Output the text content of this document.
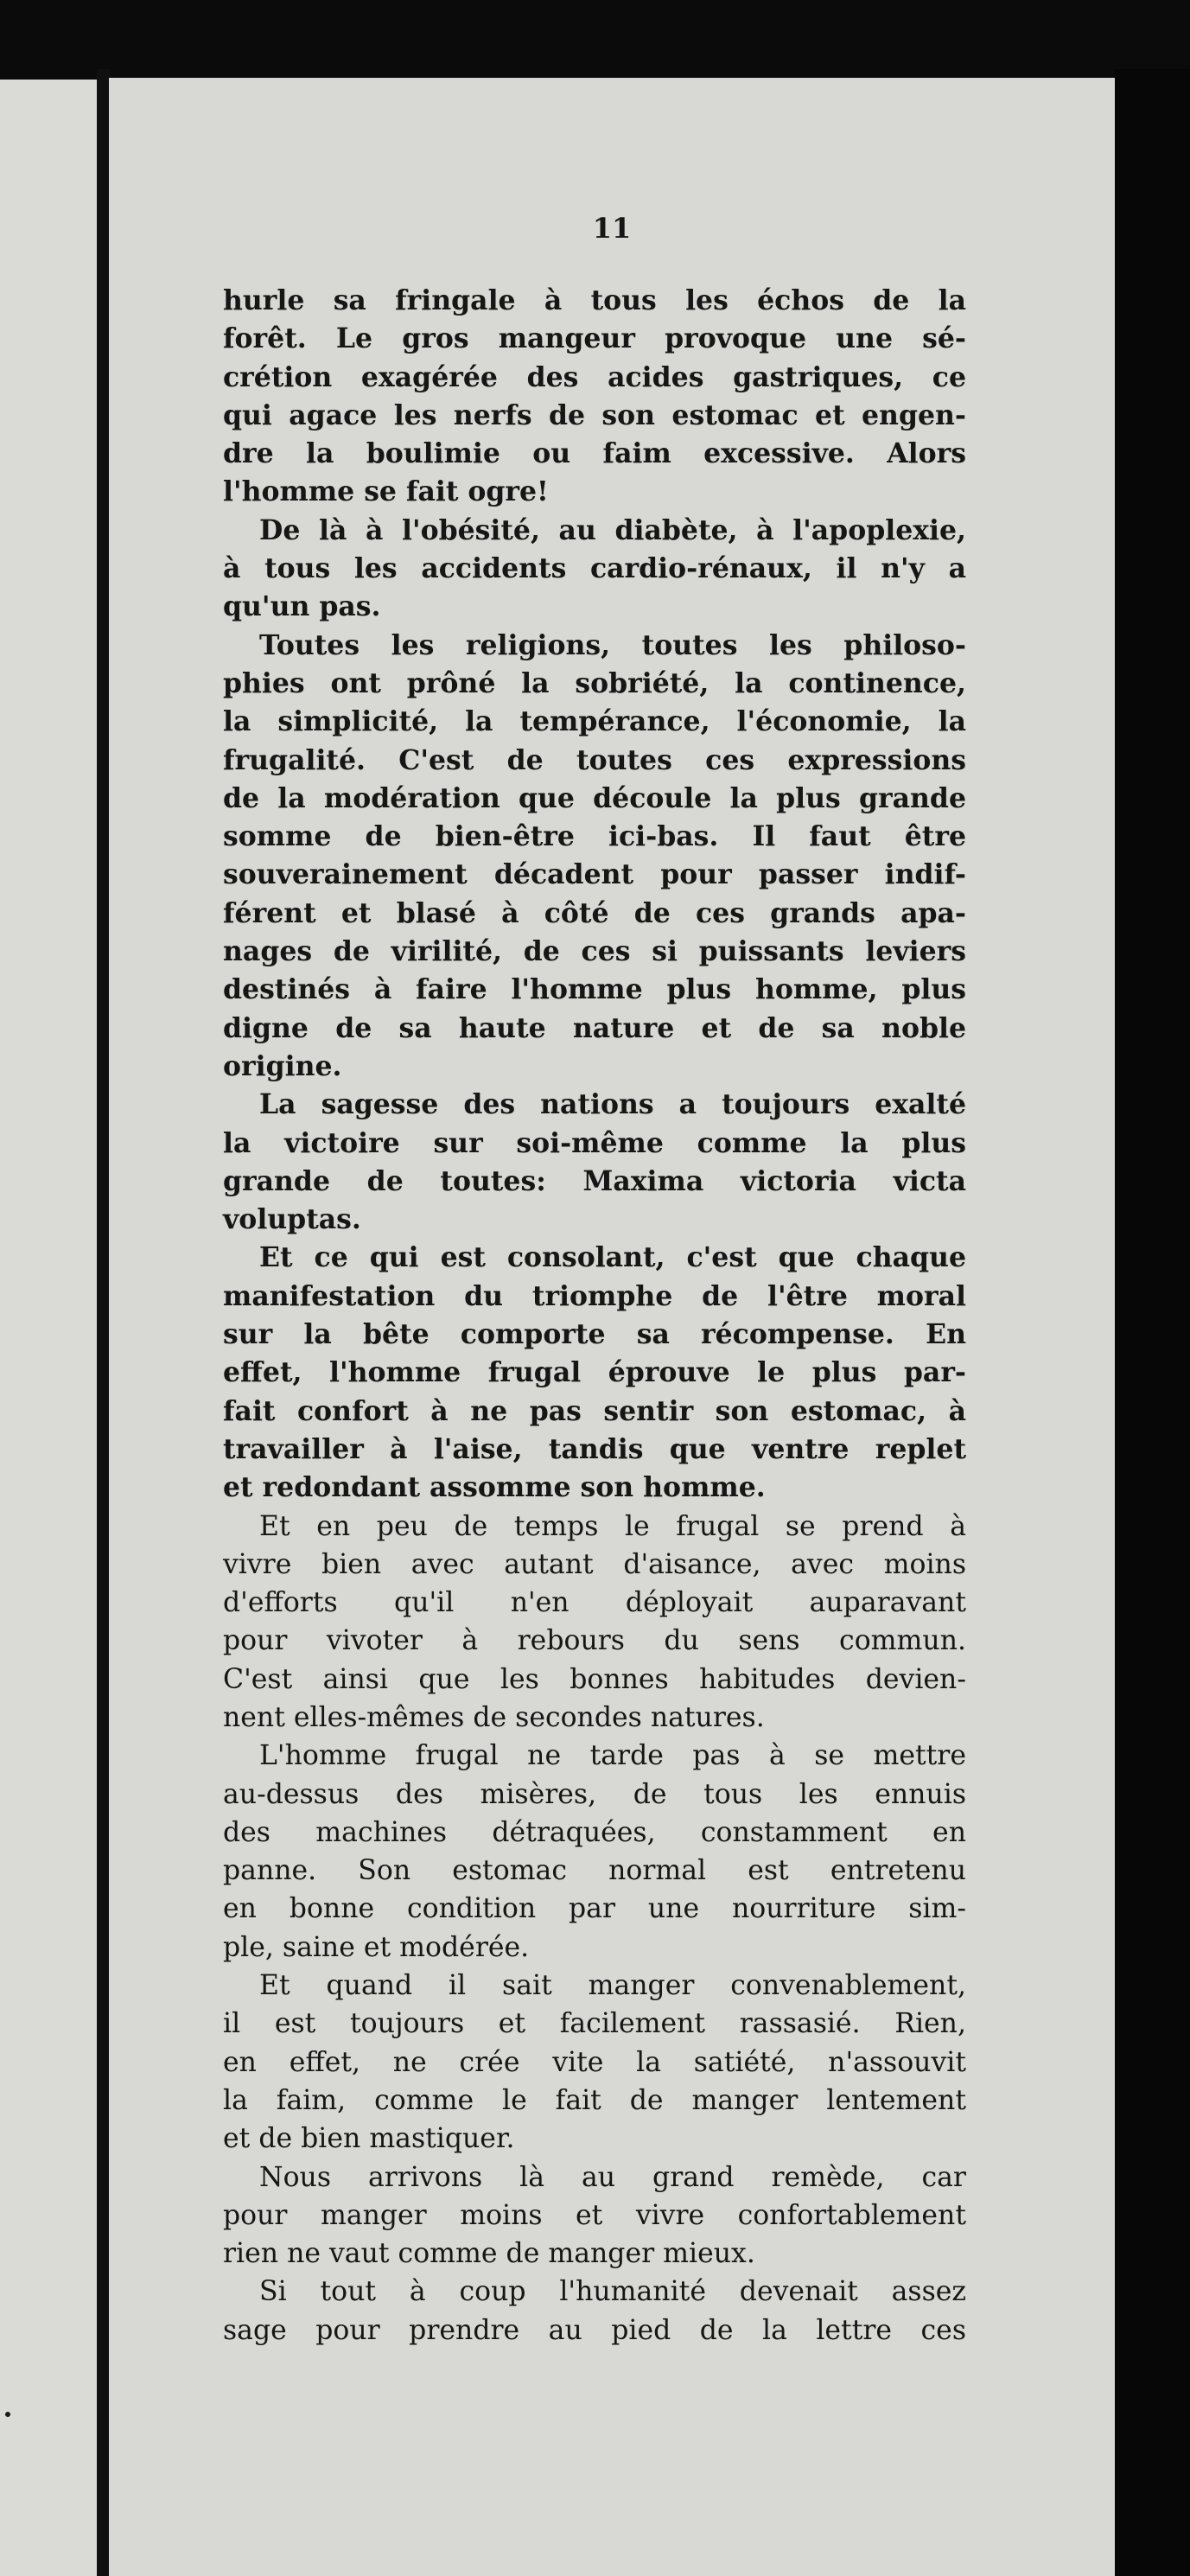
11
hurle sa fringale à tous les échos de la
forêt. Le gros mangeur provoque une sé-
crétion exagérée des acides gastriques, ce
qui agace les nerfs de son estomac et engen-
dre la boulimie ou faim excessive. Alors
l'homme se fait ogre!
De là à l'obésité, au diabète, à l'apoplexie,
à tous les accidents cardio-rénaux, il n'y a
qu'un pas.
Toutes les religions, toutes les philoso-
phies ont prôné la sobriété, la continence,
la simplicité, la tempérance, l'économie, la
frugalité. C'est de toutes ces expressions
de la modération que découle la plus grande
somme de bien-être ici-bas. Il faut être
souverainement décadent pour passer indif-
férent et blasé à côté de ces grands apa-
nages de virilité, de ces si puissants leviers
destinés à faire l'homme plus homme, plus
digne de sa haute nature et de sa noble
origine.
La sagesse des nations a toujours exalté
la victoire sur soi-même comme la plus
grande de toutes: Maxima victoria victa
voluptas.
Et ce qui est consolant, c'est que chaque
manifestation du triomphe de l'être moral
sur la bête comporte sa récompense. En
effet, l'homme frugal éprouve le plus par-
fait confort à ne pas sentir son estomac, à
travailler à l'aise, tandis que ventre replet
et redondant assomme son homme.
Et en peu de temps le frugal se prend à
vivre bien avec autant d'aisance, avec moins
d'efforts qu'il n'en déployait auparavant
pour vivoter à rebours du sens commun.
C'est ainsi que les bonnes habitudes devien-
nent elles-mêmes de secondes natures.
L'homme frugal ne tarde pas à se mettre
au-dessus des misères, de tous les ennuis
des machines détraquées, constamment en
panne. Son estomac normal est entretenu
en bonne condition par une nourriture sim-
ple, saine et modérée.
Et quand il sait manger convenablement,
il est toujours et facilement rassasié. Rien,
en effet, ne crée vite la satiété, n'assouvit
la faim, comme le fait de manger lentement
et de bien mastiquer.
Nous arrivons là au grand remède, car
pour manger moins et vivre confortablement
rien ne vaut comme de manger mieux.
Si tout à coup l'humanité devenait assez
sage pour prendre au pied de la lettre ces
